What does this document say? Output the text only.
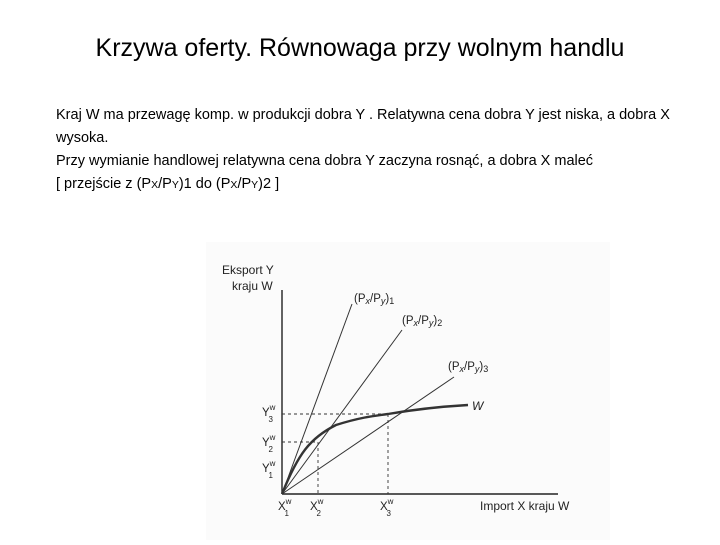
Krzywa oferty. Równowaga przy wolnym handlu

Kraj W ma przewagę komp. w produkcji dobra Y . Relatywna cena dobra Y jest niska, a dobra X wysoka.

Przy wymianie handlowej relatywna cena dobra Y zaczyna rosnąć, a dobra X maleć

[ przejście z (PX/PY)1 do (PX/PY)2 ]

Eksport Y
kraju W
Import X kraju W
(Px/Py)1
(Px/Py)2
(Px/Py)3
W
$Y^w$ 3
$Y^w$ 2
$Y^w$ 1
$X^w$ 1
$X^w$ 2
$X^w$ 3
